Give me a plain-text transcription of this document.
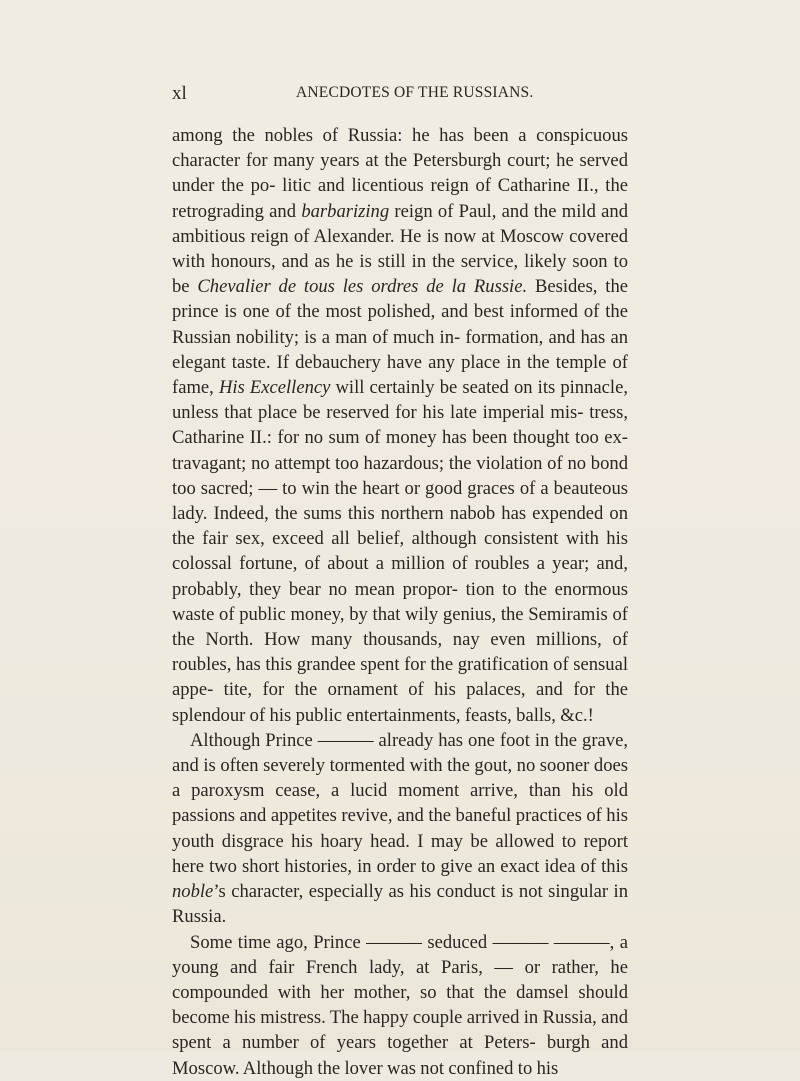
xl	ANECDOTES OF THE RUSSIANS.

among the nobles of Russia: he has been a conspicuous character for many years at the Petersburgh court; he served under the po- litic and licentious reign of Catharine II., the retrograding and barbarizing reign of Paul, and the mild and ambitious reign of Alexander. He is now at Moscow covered with honours, and as he is still in the service, likely soon to be Chevalier de tous les ordres de la Russie. Besides, the prince is one of the most polished, and best informed of the Russian nobility; is a man of much in- formation, and has an elegant taste. If debauchery have any place in the temple of fame, His Excellency will certainly be seated on its pinnacle, unless that place be reserved for his late imperial mis- tress, Catharine II.: for no sum of money has been thought too ex- travagant; no attempt too hazardous; the violation of no bond too sacred; — to win the heart or good graces of a beauteous lady. Indeed, the sums this northern nabob has expended on the fair sex, exceed all belief, although consistent with his colossal fortune, of about a million of roubles a year; and, probably, they bear no mean propor- tion to the enormous waste of public money, by that wily genius, the Semiramis of the North. How many thousands, nay even millions, of roubles, has this grandee spent for the gratification of sensual appe- tite, for the ornament of his palaces, and for the splendour of his public entertainments, feasts, balls, &c.!

Although Prince ——— already has one foot in the grave, and is often severely tormented with the gout, no sooner does a paroxysm cease, a lucid moment arrive, than his old passions and appetites revive, and the baneful practices of his youth disgrace his hoary head. I may be allowed to report here two short histories, in order to give an exact idea of this noble’s character, especially as his conduct is not singular in Russia.

Some time ago, Prince ——— seduced ——— ———, a young and fair French lady, at Paris, — or rather, he compounded with her mother, so that the damsel should become his mistress. The happy couple arrived in Russia, and spent a number of years together at Peters- burgh and Moscow. Although the lover was not confined to his
